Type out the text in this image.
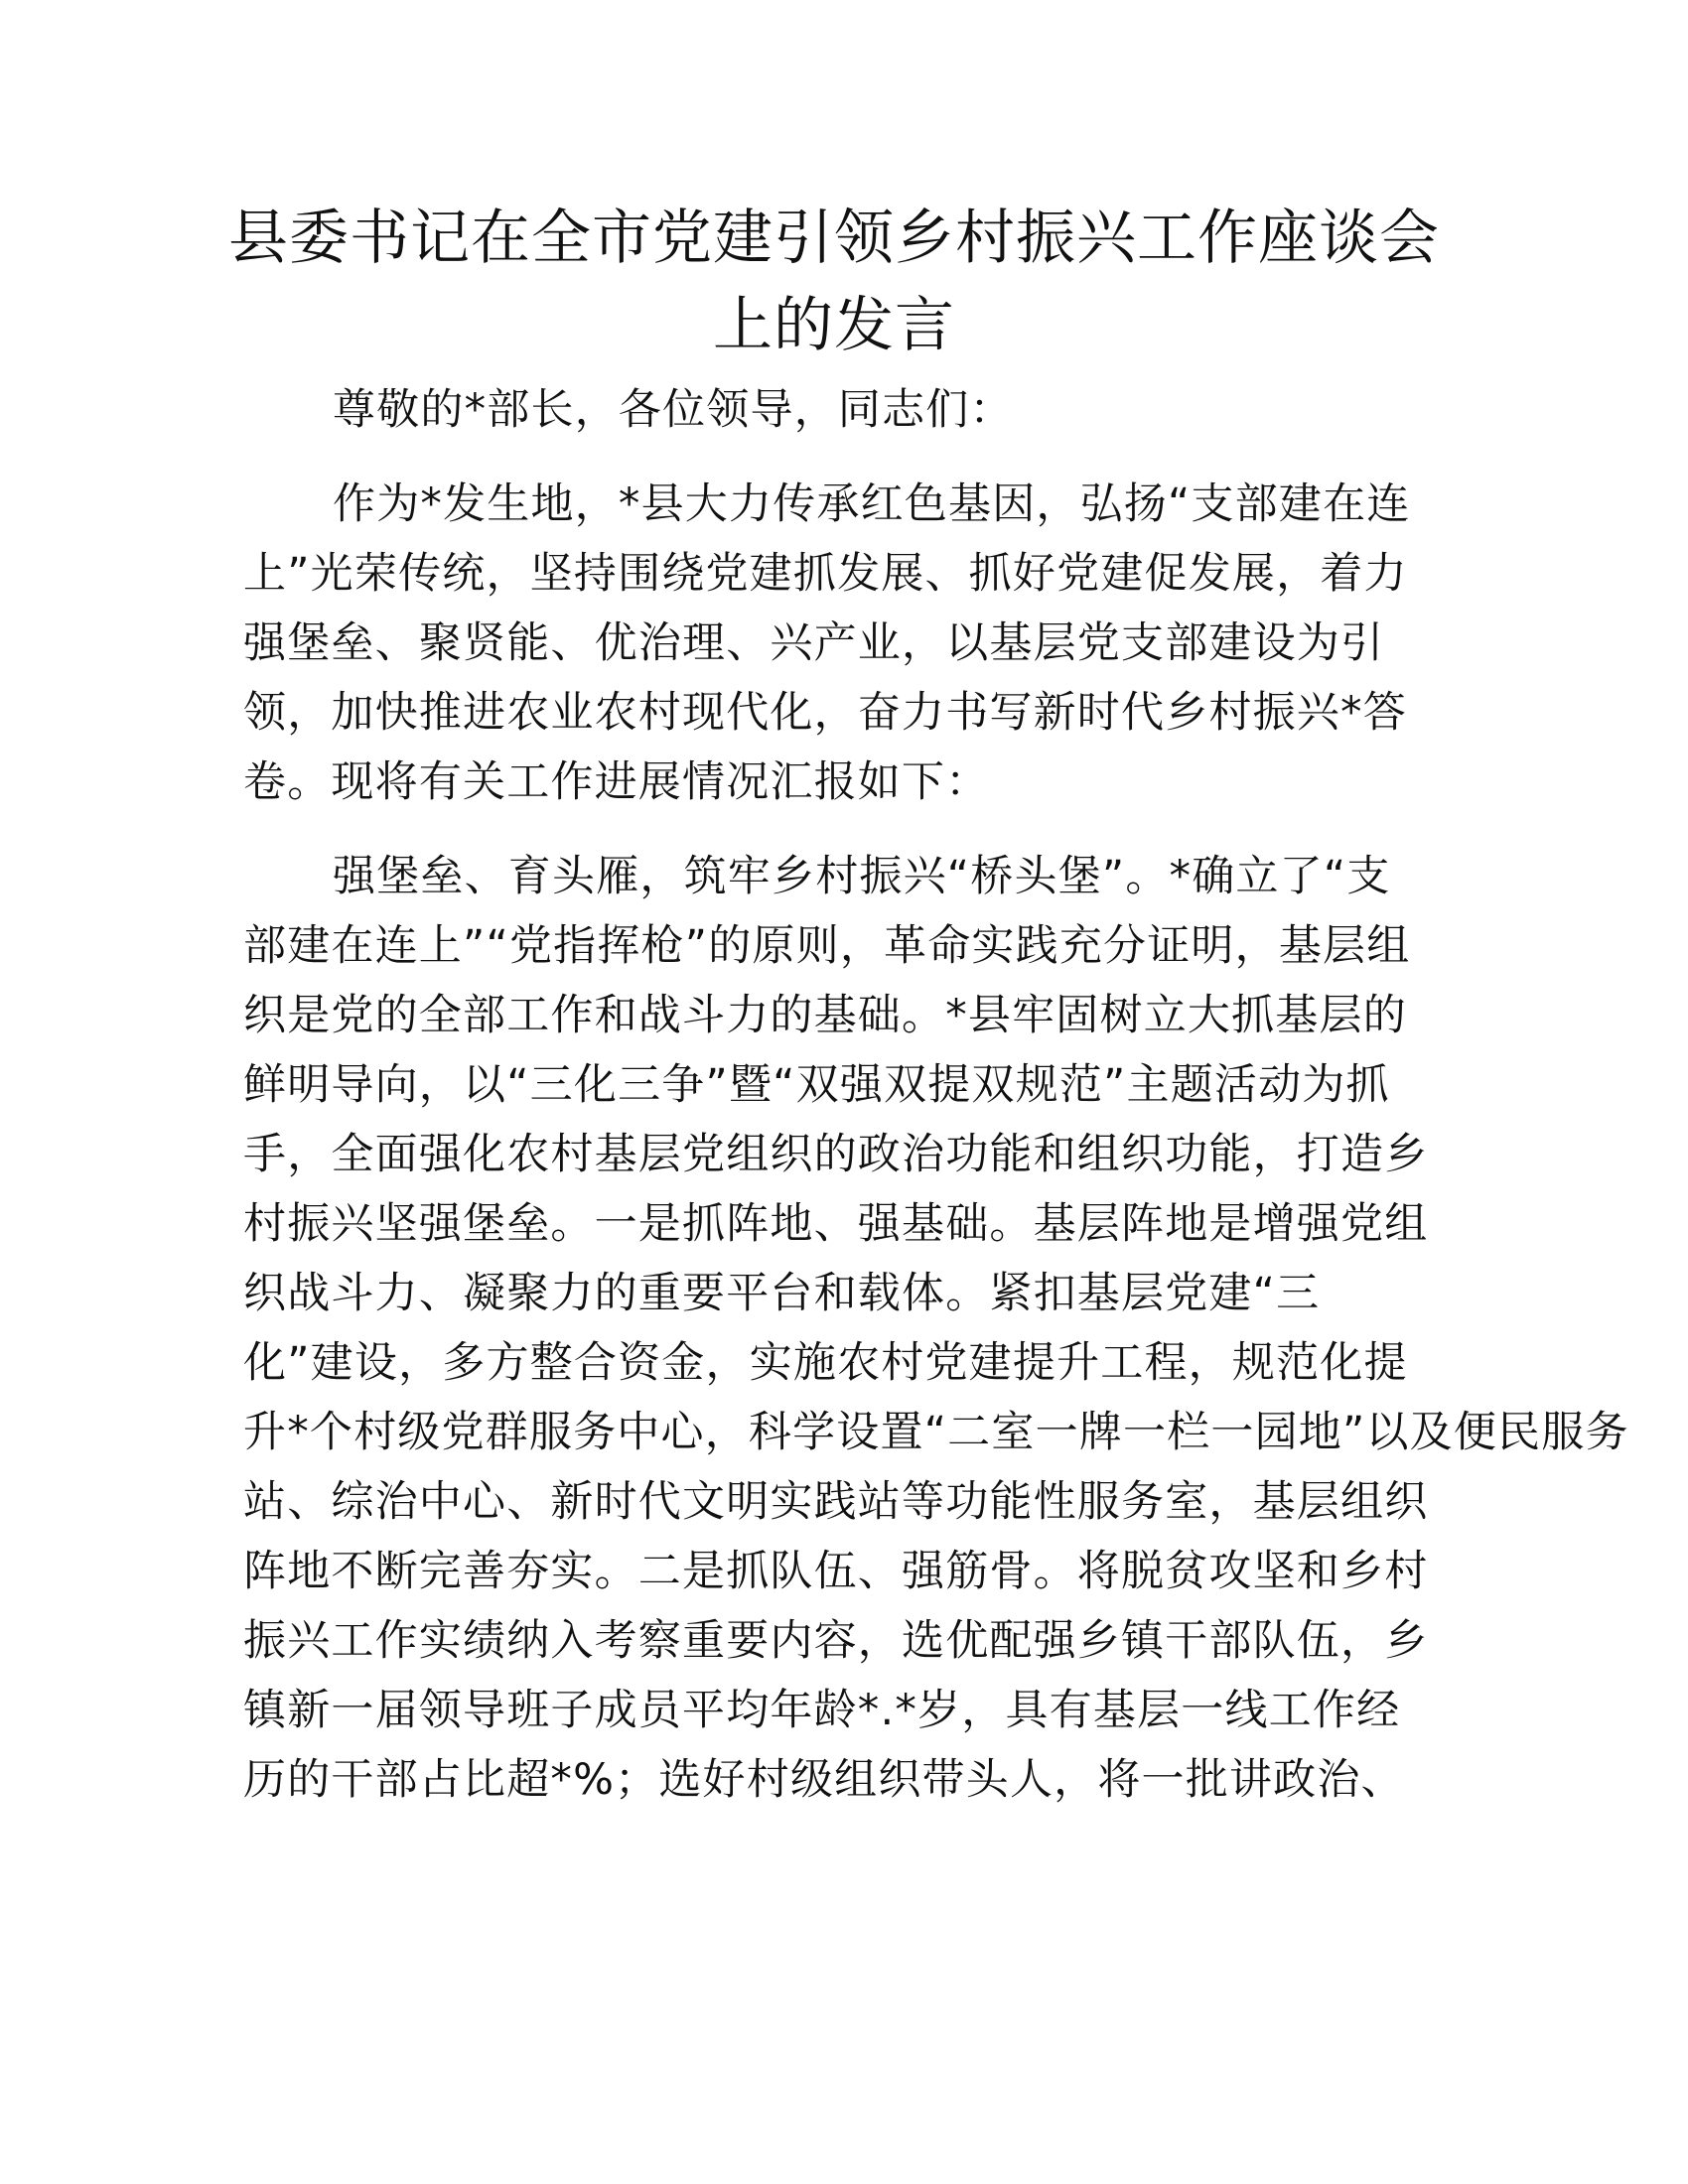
县委书记在全市党建引领乡村振兴工作座谈会
上的发言

尊敬的*部长，各位领导，同志们：

作为*发生地，*县大力传承红色基因，弘扬“支部建在连

上”光荣传统，坚持围绕党建抓发展、抓好党建促发展，着力

强堡垒、聚贤能、优治理、兴产业，以基层党支部建设为引

领，加快推进农业农村现代化，奋力书写新时代乡村振兴*答

卷。现将有关工作进展情况汇报如下：

强堡垒、育头雁，筑牢乡村振兴“桥头堡”。*确立了“支

部建在连上”“党指挥枪”的原则，革命实践充分证明，基层组

织是党的全部工作和战斗力的基础。*县牢固树立大抓基层的

鲜明导向，以“三化三争”暨“双强双提双规范”主题活动为抓

手，全面强化农村基层党组织的政治功能和组织功能，打造乡

村振兴坚强堡垒。一是抓阵地、强基础。基层阵地是增强党组

织战斗力、凝聚力的重要平台和载体。紧扣基层党建“三

化”建设，多方整合资金，实施农村党建提升工程，规范化提

升*个村级党群服务中心，科学设置“二室一牌一栏一园地”以及便民服务

站、综治中心、新时代文明实践站等功能性服务室，基层组织

阵地不断完善夯实。二是抓队伍、强筋骨。将脱贫攻坚和乡村

振兴工作实绩纳入考察重要内容，选优配强乡镇干部队伍，乡

镇新一届领导班子成员平均年龄*.*岁，具有基层一线工作经

历的干部占比超*%；选好村级组织带头人，将一批讲政治、
